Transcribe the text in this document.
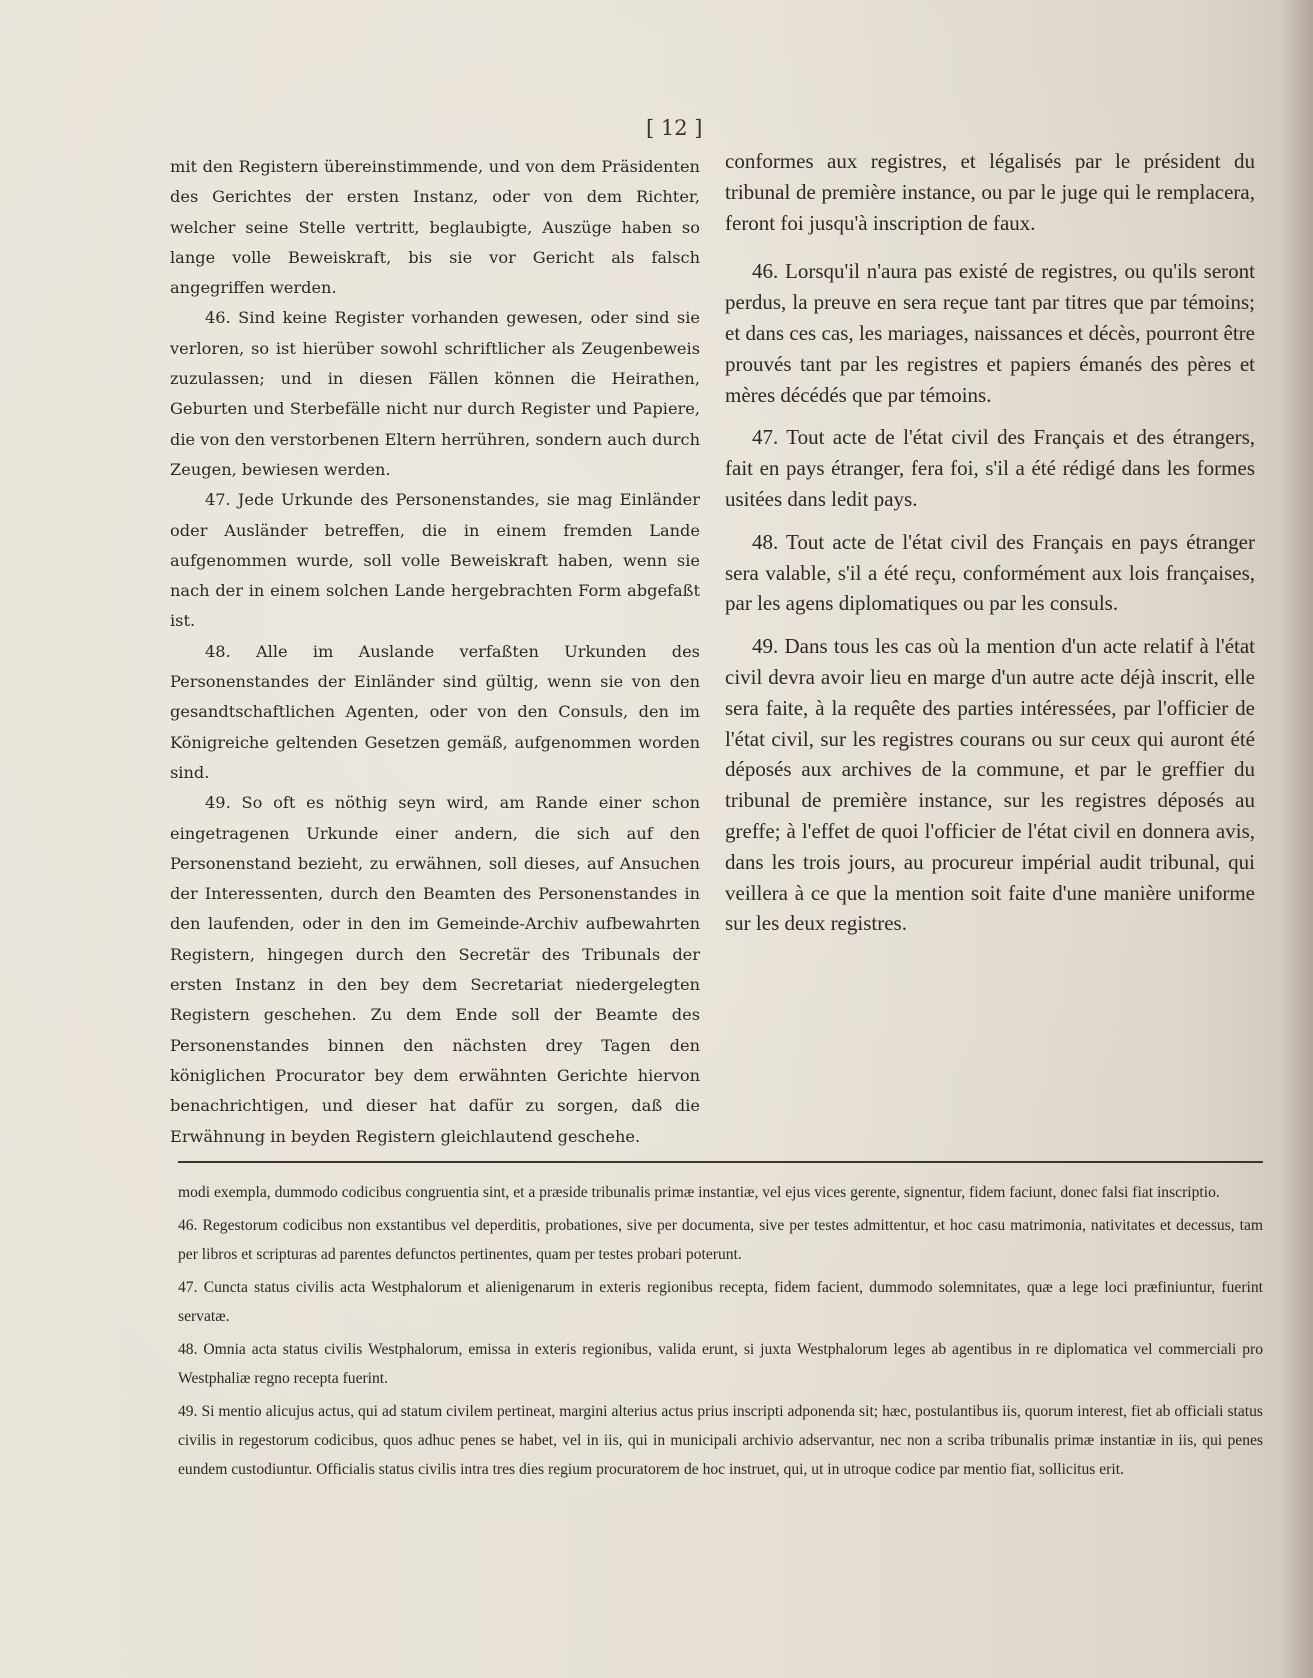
[ 12 ]

mit den Registern übereinstimmende, und von dem Präsidenten des Gerichtes der ersten Instanz, oder von dem Richter, welcher seine Stelle vertritt, beglaubigte, Auszüge haben so lange volle Beweiskraft, bis sie vor Gericht als falsch angegriffen werden.

46. Sind keine Register vorhanden gewesen, oder sind sie verloren, so ist hierüber sowohl schriftlicher als Zeugenbeweis zuzulassen; und in diesen Fällen können die Heirathen, Geburten und Sterbefälle nicht nur durch Register und Papiere, die von den verstorbenen Eltern herrühren, sondern auch durch Zeugen, bewiesen werden.

47. Jede Urkunde des Personenstandes, sie mag Einländer oder Ausländer betreffen, die in einem fremden Lande aufgenommen wurde, soll volle Beweiskraft haben, wenn sie nach der in einem solchen Lande hergebrachten Form abgefaßt ist.

48. Alle im Auslande verfaßten Urkunden des Personenstandes der Einländer sind gültig, wenn sie von den gesandtschaftlichen Agenten, oder von den Consuls, den im Königreiche geltenden Gesetzen gemäß, aufgenommen worden sind.

49. So oft es nöthig seyn wird, am Rande einer schon eingetragenen Urkunde einer andern, die sich auf den Personenstand bezieht, zu erwähnen, soll dieses, auf Ansuchen der Interessenten, durch den Beamten des Personenstandes in den laufenden, oder in den im Gemeinde-Archiv aufbewahrten Registern, hingegen durch den Secretär des Tribunals der ersten Instanz in den bey dem Secretariat niedergelegten Registern geschehen. Zu dem Ende soll der Beamte des Personenstandes binnen den nächsten drey Tagen den königlichen Procurator bey dem erwähnten Gerichte hiervon benachrichtigen, und dieser hat dafür zu sorgen, daß die Erwähnung in beyden Registern gleichlautend geschehe.

conformes aux registres, et légalisés par le président du tribunal de première instance, ou par le juge qui le remplacera, feront foi jusqu'à inscription de faux.

46. Lorsqu'il n'aura pas existé de registres, ou qu'ils seront perdus, la preuve en sera reçue tant par titres que par témoins; et dans ces cas, les mariages, naissances et décès, pourront être prouvés tant par les registres et papiers émanés des pères et mères décédés que par témoins.

47. Tout acte de l'état civil des Français et des étrangers, fait en pays étranger, fera foi, s'il a été rédigé dans les formes usitées dans ledit pays.

48. Tout acte de l'état civil des Français en pays étranger sera valable, s'il a été reçu, conformément aux lois françaises, par les agens diplomatiques ou par les consuls.

49. Dans tous les cas où la mention d'un acte relatif à l'état civil devra avoir lieu en marge d'un autre acte déjà inscrit, elle sera faite, à la requête des parties intéressées, par l'officier de l'état civil, sur les registres courans ou sur ceux qui auront été déposés aux archives de la commune, et par le greffier du tribunal de première instance, sur les registres déposés au greffe; à l'effet de quoi l'officier de l'état civil en donnera avis, dans les trois jours, au procureur impérial audit tribunal, qui veillera à ce que la mention soit faite d'une manière uniforme sur les deux registres.

modi exempla, dummodo codicibus congruentia sint, et a præside tribunalis primæ instantiæ, vel ejus vices gerente, signentur, fidem faciunt, donec falsi fiat inscriptio.

46. Regestorum codicibus non exstantibus vel deperditis, probationes, sive per documenta, sive per testes admittentur, et hoc casu matrimonia, nativitates et decessus, tam per libros et scripturas ad parentes defunctos pertinentes, quam per testes probari poterunt.

47. Cuncta status civilis acta Westphalorum et alienigenarum in exteris regionibus recepta, fidem facient, dummodo solemnitates, quæ a lege loci præfiniuntur, fuerint servatæ.

48. Omnia acta status civilis Westphalorum, emissa in exteris regionibus, valida erunt, si juxta Westphalorum leges ab agentibus in re diplomatica vel commerciali pro Westphaliæ regno recepta fuerint.

49. Si mentio alicujus actus, qui ad statum civilem pertineat, margini alterius actus prius inscripti adponenda sit; hæc, postulantibus iis, quorum interest, fiet ab officiali status civilis in regestorum codicibus, quos adhuc penes se habet, vel in iis, qui in municipali archivio adservantur, nec non a scriba tribunalis primæ instantiæ in iis, qui penes eundem custodiuntur. Officialis status civilis intra tres dies regium procuratorem de hoc instruet, qui, ut in utroque codice par mentio fiat, sollicitus erit.
